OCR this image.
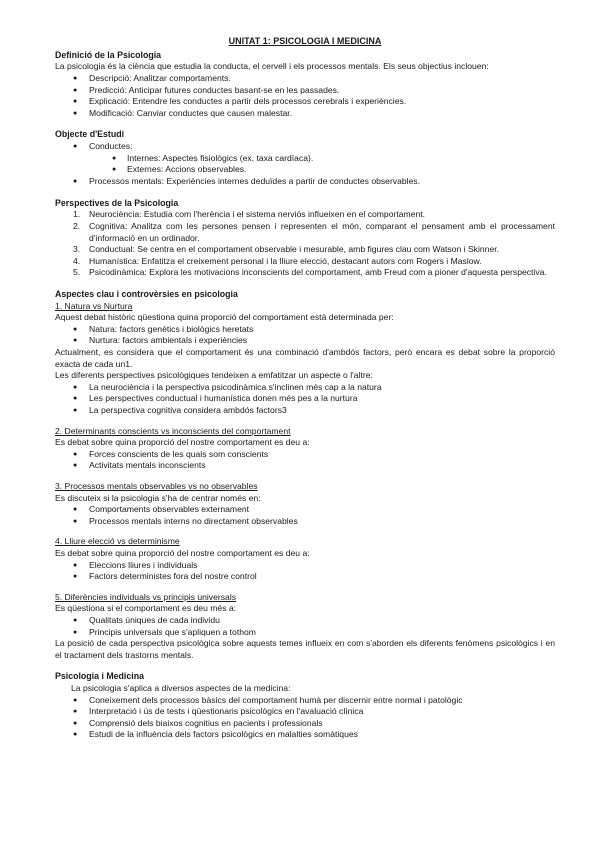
UNITAT 1: PSICOLOGIA I MEDICINA
Definició de la Psicologia

La psicologia és la ciència que estudia la conducta, el cervell i els processos mentals. Els seus objectius inclouen:

● Descripció: Analitzar comportaments.
● Predicció: Anticipar futures conductes basant-se en les passades.
● Explicació: Entendre les conductes a partir dels processos cerebrals i experiències.
● Modificació: Canviar conductes que causen malestar.
Objecte d'Estudi
● Conductes:
● Internes: Aspectes fisiològics (ex. taxa cardíaca).
● Externes: Accions observables.
● Processos mentals: Experiències internes deduïdes a partir de conductes observables.
Perspectives de la Psicologia
1. Neurociència: Estudia com l'herència i el sistema nerviós influeixen en el comportament.
2. Cognitiva: Analitza com les persones pensen i representen el món, comparant el pensament amb el processament d'informació en un ordinador.
3. Conductual: Se centra en el comportament observable i mesurable, amb figures clau com Watson i Skinner.
4. Humanística: Enfatitza el creixement personal i la lliure elecció, destacant autors com Rogers i Maslow.
5. Psicodinàmica: Explora les motivacions inconscients del comportament, amb Freud com a pioner d'aquesta perspectiva.
Aspectes clau i controvèrsies en psicologia
1. Natura vs Nurtura

Aquest debat històric qüestiona quina proporció del comportament està determinada per:

● Natura: factors genètics i biològics heretats
● Nurtura: factors ambientals i experiències

Actualment, es considera que el comportament és una combinació d'ambdós factors, però encara es debat sobre la proporció exacta de cada un1.

Les diferents perspectives psicològiques tendeixen a emfatitzar un aspecte o l'altre:

● La neurociència i la perspectiva psicodinàmica s'inclinen més cap a la natura
● Les perspectives conductual i humanística donen més pes a la nurtura
● La perspectiva cognitiva considera ambdós factors3
2. Determinants conscients vs inconscients del comportament

Es debat sobre quina proporció del nostre comportament es deu a:

● Forces conscients de les quals som conscients
● Activitats mentals inconscients
3. Processos mentals observables vs no observables

Es discuteix si la psicologia s'ha de centrar només en:

● Comportaments observables externament
● Processos mentals interns no directament observables
4. Lliure elecció vs determinisme

Es debat sobre quina proporció del nostre comportament es deu a:

● Eleccions lliures i individuals
● Factors deterministes fora del nostre control
5. Diferències individuals vs principis universals

Es qüestiona si el comportament es deu més a:

● Qualitats úniques de cada individu
● Principis universals que s'apliquen a tothom

La posició de cada perspectiva psicològica sobre aquests temes influeix en com s'aborden els diferents fenòmens psicològics i en el tractament dels trastorns mentals.

Psicologia i Medicina

La psicologia s'aplica a diversos aspectes de la medicina:

● Coneixement dels processos bàsics del comportament humà per discernir entre normal i patològic
● Interpretació i ús de tests i qüestionaris psicològics en l'avaluació clínica
● Comprensió dels biaixos cognitius en pacients i professionals
● Estudi de la influència dels factors psicològics en malalties somàtiques
